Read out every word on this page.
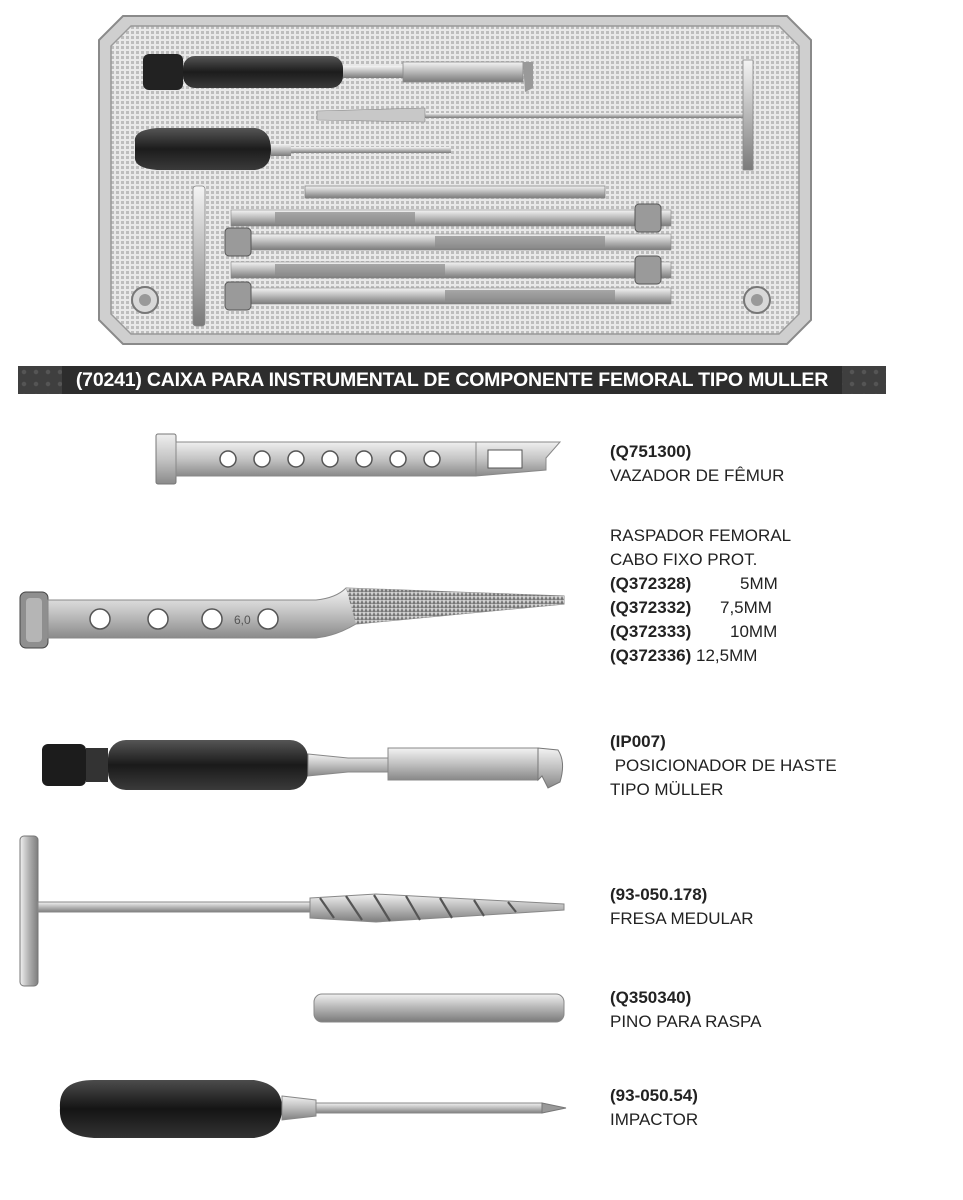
(70241) CAIXA PARA INSTRUMENTAL DE COMPONENTE FEMORAL TIPO MULLER
(Q751300)
VAZADOR DE FÊMUR
6,0
RASPADOR FEMORAL
CABO FIXO PROT.
(Q372328)	5MM
(Q372332) 7,5MM
(Q372333) 10MM
(Q372336) 12,5MM
(IP007)
POSICIONADOR DE HASTE
TIPO MÜLLER
(93-050.178)
FRESA MEDULAR
(Q350340)
PINO PARA RASPA
(93-050.54)
IMPACTOR
